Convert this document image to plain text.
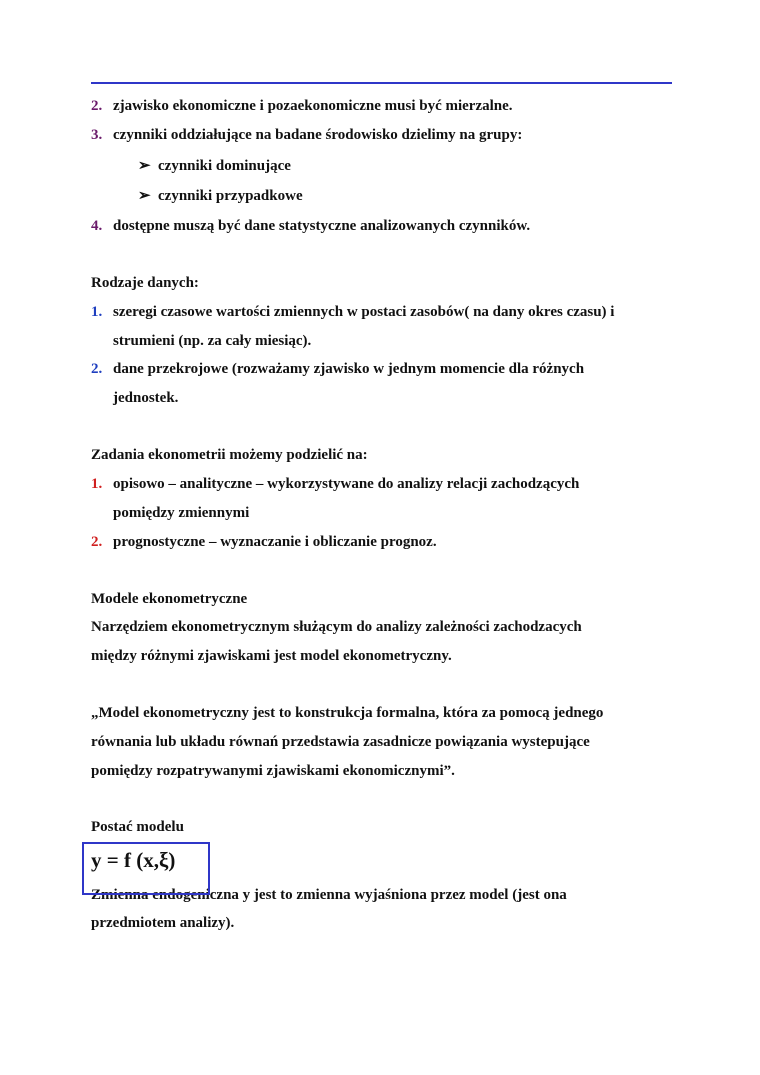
2. zjawisko ekonomiczne i pozaekonomiczne musi być mierzalne.
3. czynniki oddziałujące na badane środowisko dzielimy na grupy:
➢ czynniki dominujące
➢ czynniki przypadkowe
4. dostępne muszą być dane statystyczne analizowanych czynników.
Rodzaje danych:
1. szeregi czasowe wartości zmiennych w postaci zasobów( na dany okres czasu) i
strumieni (np. za cały miesiąc).
2. dane przekrojowe (rozważamy zjawisko w jednym momencie dla różnych
jednostek.
Zadania ekonometrii możemy podzielić na:
1. opisowo – analityczne – wykorzystywane do analizy relacji zachodzących
pomiędzy zmiennymi
2. prognostyczne – wyznaczanie i obliczanie prognoz.
Modele ekonometryczne
Narzędziem ekonometrycznym służącym do analizy zależności zachodzacych
między różnymi zjawiskami jest model ekonometryczny.
„Model ekonometryczny jest to konstrukcja formalna, która za pomocą jednego
równania lub układu równań przedstawia zasadnicze powiązania wystepujące
pomiędzy rozpatrywanymi zjawiskami ekonomicznymi”.
Postać modelu
y = f (x,ξ)
Zmienna endogeniczna y jest to zmienna wyjaśniona przez model (jest ona
przedmiotem analizy).
